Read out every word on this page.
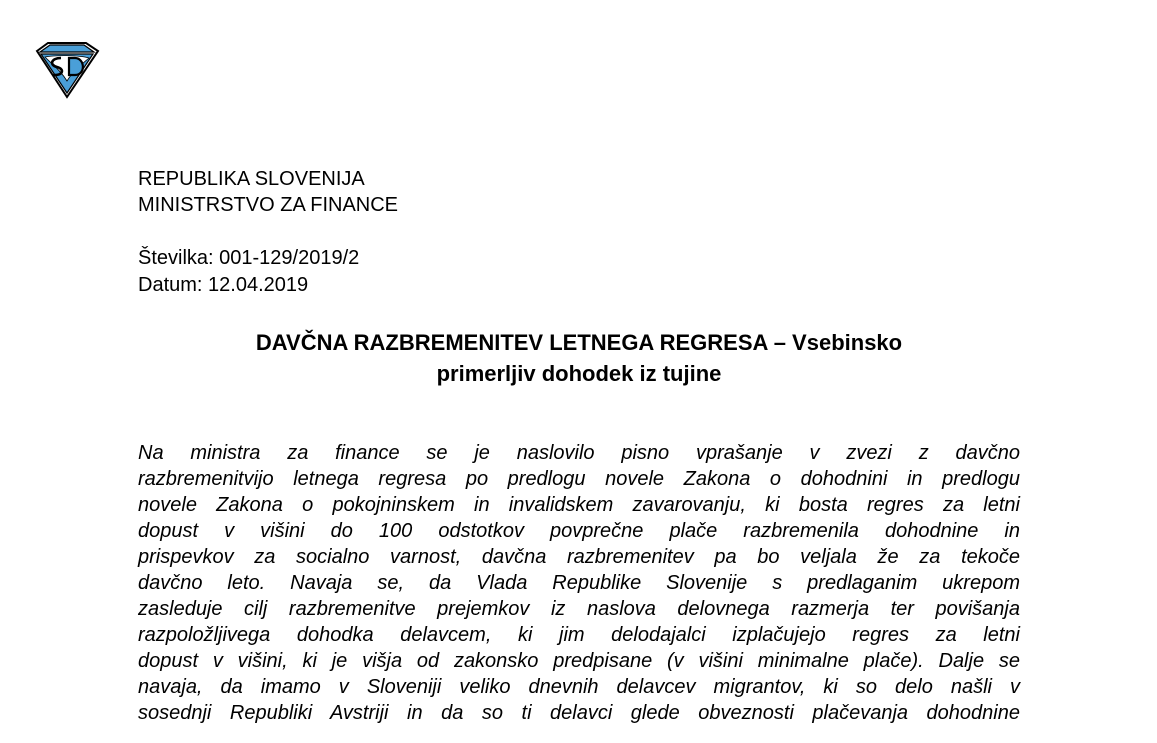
REPUBLIKA SLOVENIJA
MINISTRSTVO ZA FINANCE
Številka: 001-129/2019/2
Datum: 12.04.2019
DAVČNA RAZBREMENITEV LETNEGA REGRESA – Vsebinsko
primerljiv dohodek iz tujine
Na ministra za finance se je naslovilo pisno vprašanje v zvezi z davčno
razbremenitvijo letnega regresa po predlogu novele Zakona o dohodnini in predlogu
novele Zakona o pokojninskem in invalidskem zavarovanju, ki bosta regres za letni
dopust v višini do 100 odstotkov povprečne plače razbremenila dohodnine in
prispevkov za socialno varnost, davčna razbremenitev pa bo veljala že za tekoče
davčno leto. Navaja se, da Vlada Republike Slovenije s predlaganim ukrepom
zasleduje cilj razbremenitve prejemkov iz naslova delovnega razmerja ter povišanja
razpoložljivega dohodka delavcem, ki jim delodajalci izplačujejo regres za letni
dopust v višini, ki je višja od zakonsko predpisane (v višini minimalne plače). Dalje se
navaja, da imamo v Sloveniji veliko dnevnih delavcev migrantov, ki so delo našli v
sosednji Republiki Avstriji in da so ti delavci glede obveznosti plačevanja dohodnine
